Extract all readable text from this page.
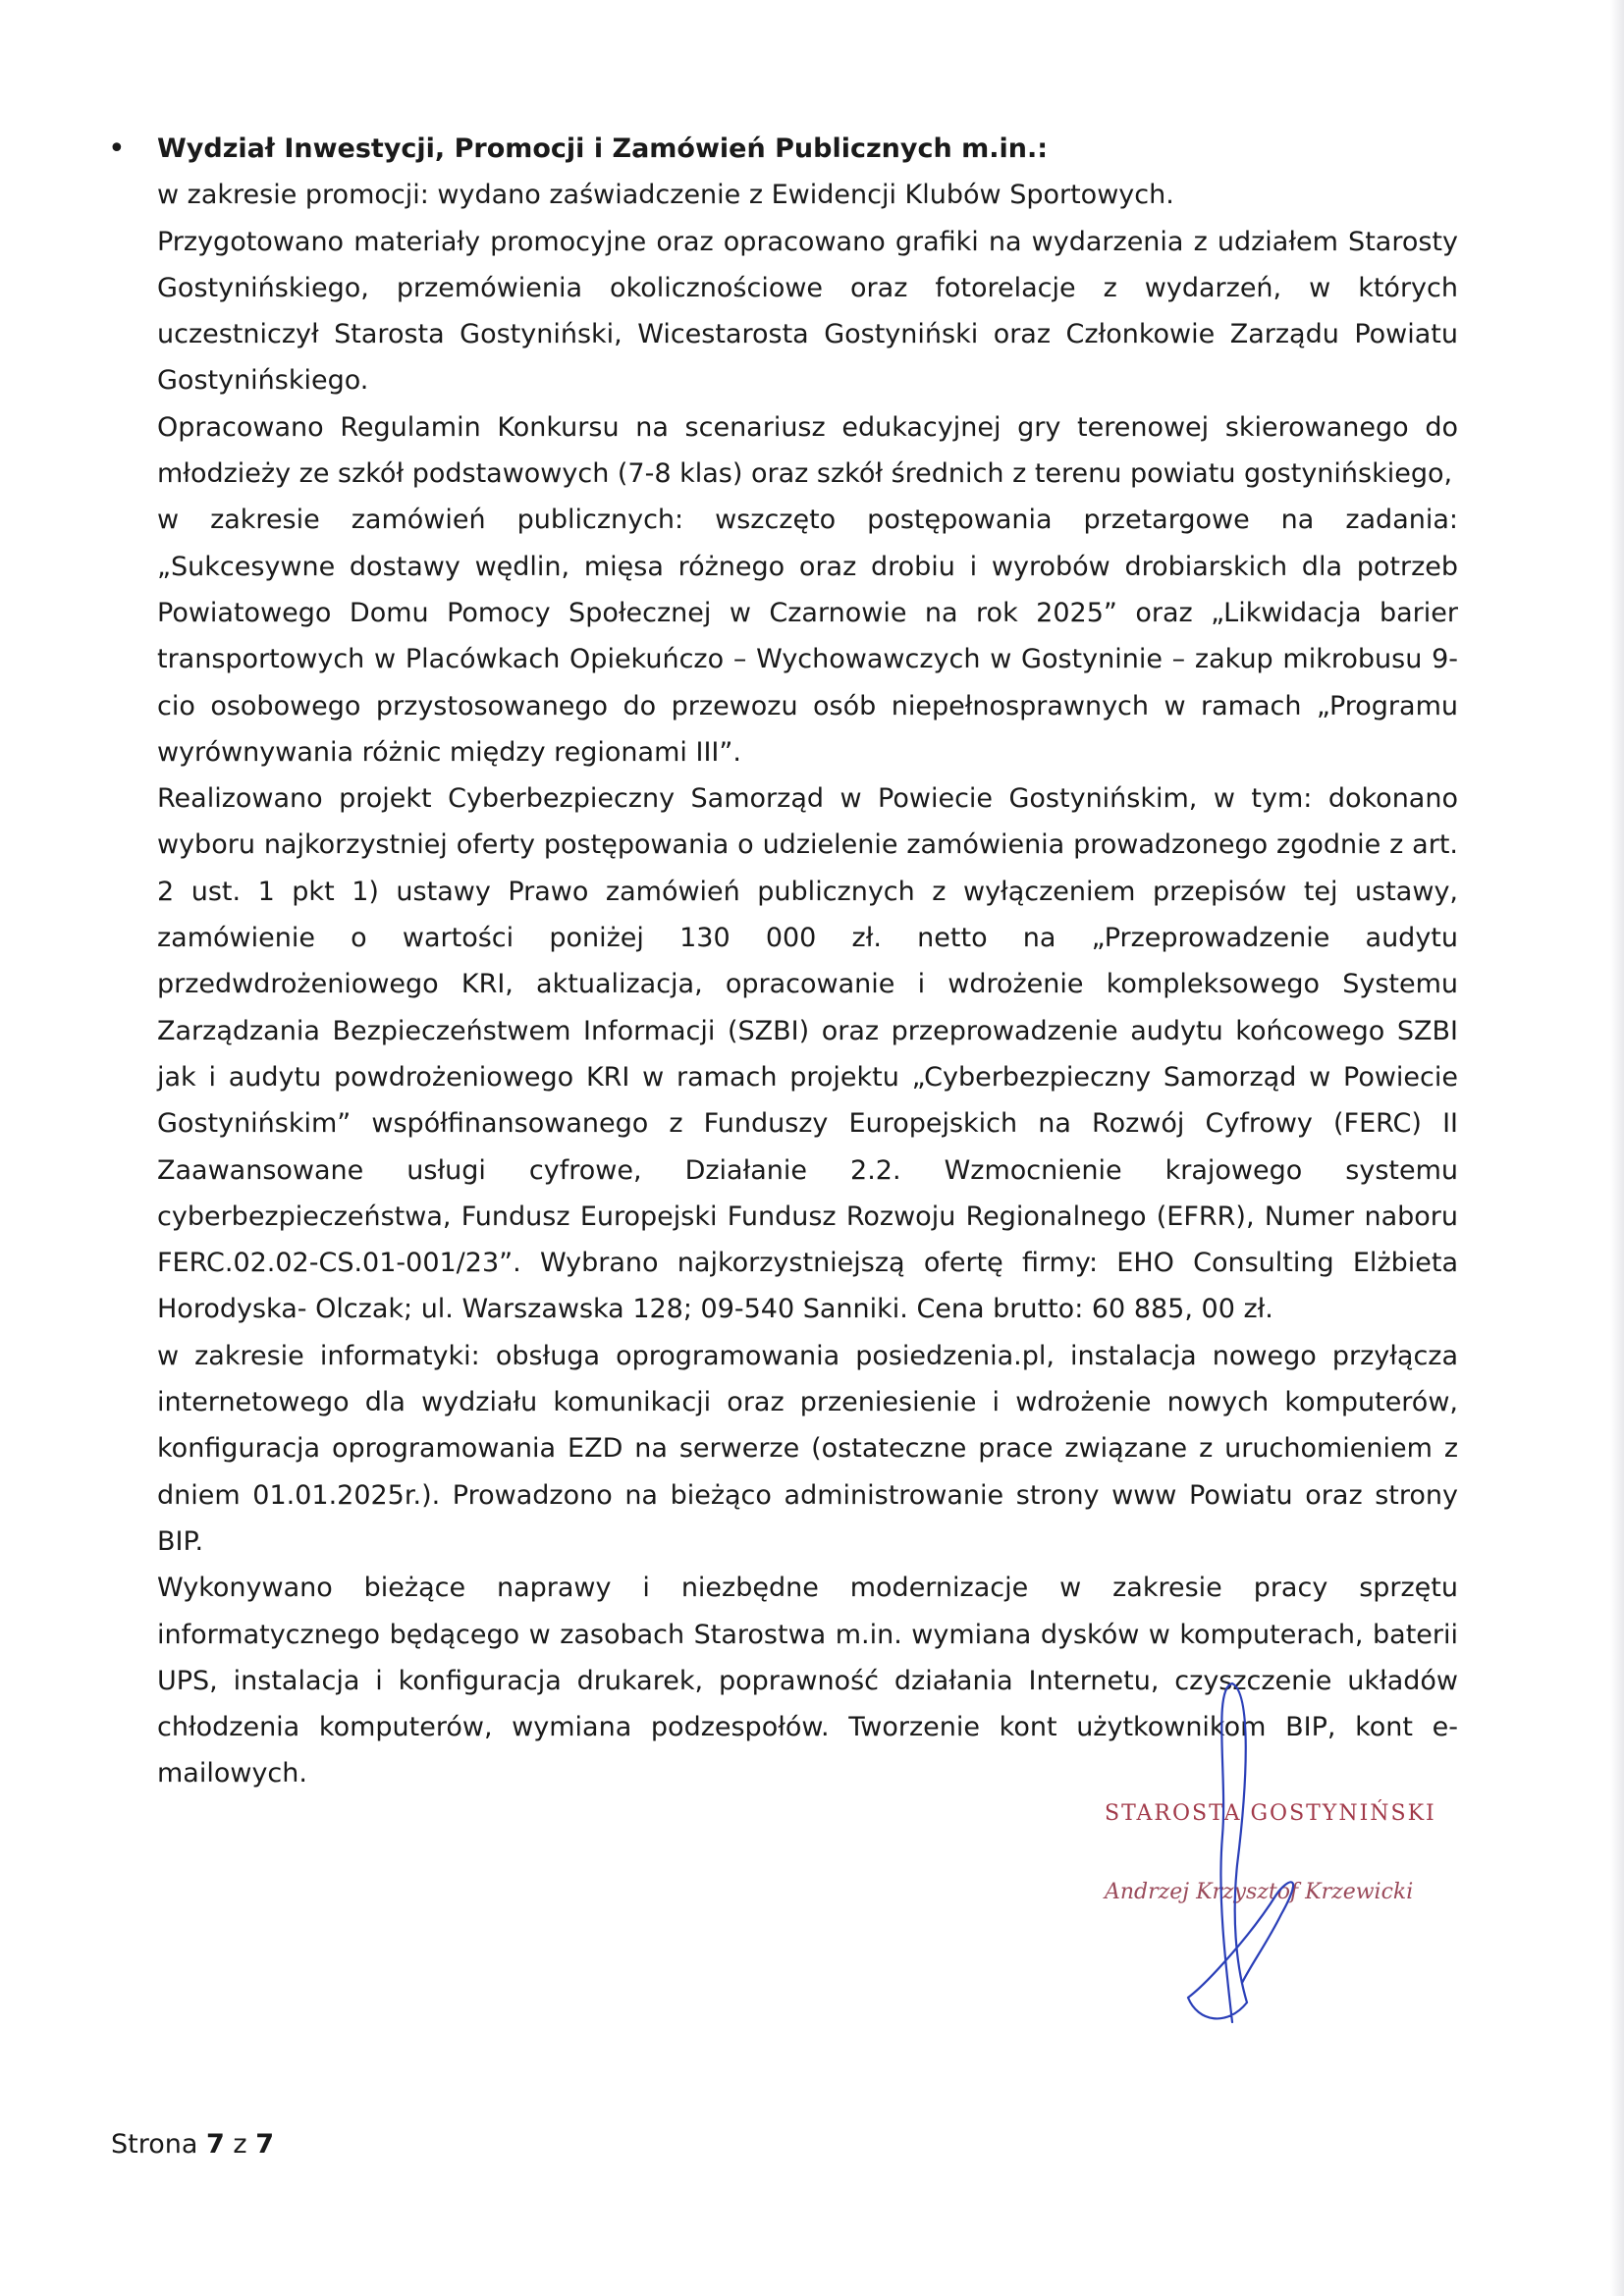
• Wydział Inwestycji, Promocji i Zamówień Publicznych m.in.:

w zakresie promocji: wydano zaświadczenie z Ewidencji Klubów Sportowych.

Przygotowano materiały promocyjne oraz opracowano grafiki na wydarzenia z udziałem Starosty Gostynińskiego, przemówienia okolicznościowe oraz fotorelacje z wydarzeń, w których uczestniczył Starosta Gostyniński, Wicestarosta Gostyniński oraz Członkowie Zarządu Powiatu Gostynińskiego.

Opracowano Regulamin Konkursu na scenariusz edukacyjnej gry terenowej skierowanego do młodzieży ze szkół podstawowych (7-8 klas) oraz szkół średnich z terenu powiatu gostynińskiego,

w zakresie zamówień publicznych: wszczęto postępowania przetargowe na zadania: „Sukcesywne dostawy wędlin, mięsa różnego oraz drobiu i wyrobów drobiarskich dla potrzeb Powiatowego Domu Pomocy Społecznej w Czarnowie na rok 2025” oraz „Likwidacja barier transportowych w Placówkach Opiekuńczo – Wychowawczych w Gostyninie – zakup mikrobusu 9-cio osobowego przystosowanego do przewozu osób niepełnosprawnych w ramach „Programu wyrównywania różnic między regionami III”.

Realizowano projekt Cyberbezpieczny Samorząd w Powiecie Gostynińskim, w tym: dokonano wyboru najkorzystniej oferty postępowania o udzielenie zamówienia prowadzonego zgodnie z art. 2 ust. 1 pkt 1) ustawy Prawo zamówień publicznych z wyłączeniem przepisów tej ustawy, zamówienie o wartości poniżej 130 000 zł. netto na „Przeprowadzenie audytu przedwdrożeniowego KRI, aktualizacja, opracowanie i wdrożenie kompleksowego Systemu Zarządzania Bezpieczeństwem Informacji (SZBI) oraz przeprowadzenie audytu końcowego SZBI jak i audytu powdrożeniowego KRI w ramach projektu „Cyberbezpieczny Samorząd w Powiecie Gostynińskim” współfinansowanego z Funduszy Europejskich na Rozwój Cyfrowy (FERC) II Zaawansowane usługi cyfrowe, Działanie 2.2. Wzmocnienie krajowego systemu cyberbezpieczeństwa, Fundusz Europejski Fundusz Rozwoju Regionalnego (EFRR), Numer naboru FERC.02.02-CS.01-001/23”. Wybrano najkorzystniejszą ofertę firmy: EHO Consulting Elżbieta Horodyska- Olczak; ul. Warszawska 128; 09-540 Sanniki. Cena brutto: 60 885, 00 zł.

w zakresie informatyki: obsługa oprogramowania posiedzenia.pl, instalacja nowego przyłącza internetowego dla wydziału komunikacji oraz przeniesienie i wdrożenie nowych komputerów, konfiguracja oprogramowania EZD na serwerze (ostateczne prace związane z uruchomieniem z dniem 01.01.2025r.). Prowadzono na bieżąco administrowanie strony www Powiatu oraz strony BIP.

Wykonywano bieżące naprawy i niezbędne modernizacje w zakresie pracy sprzętu informatycznego będącego w zasobach Starostwa m.in. wymiana dysków w komputerach, baterii UPS, instalacja i konfiguracja drukarek, poprawność działania Internetu, czyszczenie układów chłodzenia komputerów, wymiana podzespołów. Tworzenie kont użytkownikom BIP, kont e-mailowych.

STAROSTA GOSTYNIŃSKI
Andrzej Krzysztof Krzewicki
Strona 7 z 7
